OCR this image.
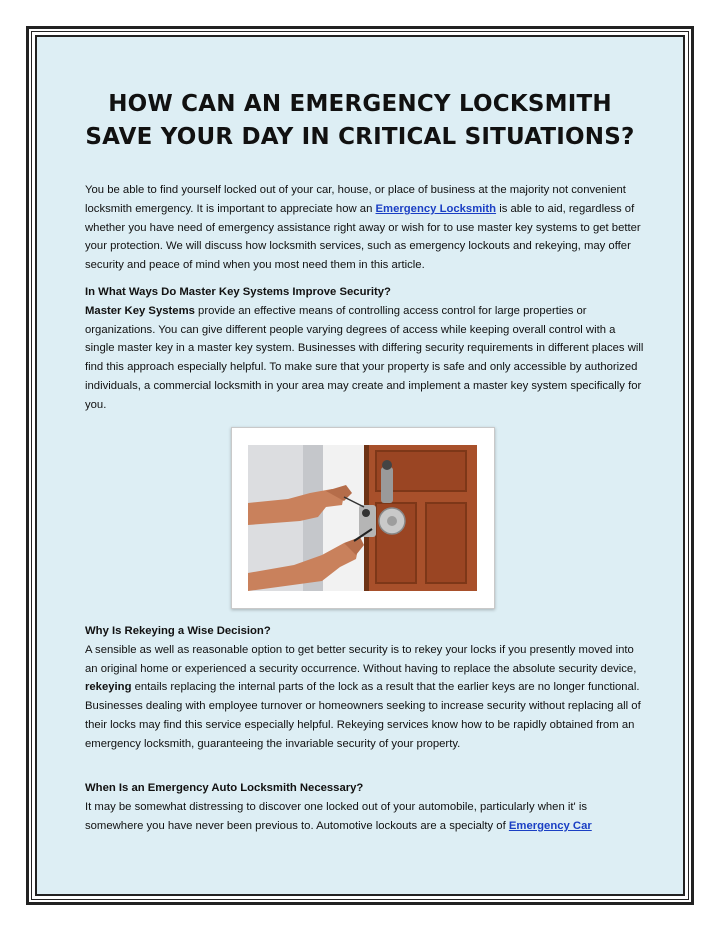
HOW CAN AN EMERGENCY LOCKSMITH
SAVE YOUR DAY IN CRITICAL SITUATIONS?

You be able to find yourself locked out of your car, house, or place of business at the majority not convenient locksmith emergency. It is important to appreciate how an Emergency Locksmith is able to aid, regardless of whether you have need of emergency assistance right away or wish for to use master key systems to get better your protection. We will discuss how locksmith services, such as emergency lockouts and rekeying, may offer security and peace of mind when you most need them in this article.

In What Ways Do Master Key Systems Improve Security?

Master Key Systems provide an effective means of controlling access control for large properties or organizations. You can give different people varying degrees of access while keeping overall control with a single master key in a master key system. Businesses with differing security requirements in different places will find this approach especially helpful. To make sure that your property is safe and only accessible by authorized individuals, a commercial locksmith in your area may create and implement a master key system specifically for you.

Why Is Rekeying a Wise Decision?

A sensible as well as reasonable option to get better security is to rekey your locks if you presently moved into an original home or experienced a security occurrence. Without having to replace the absolute security device, rekeying entails replacing the internal parts of the lock as a result that the earlier keys are no longer functional. Businesses dealing with employee turnover or homeowners seeking to increase security without replacing all of their locks may find this service especially helpful. Rekeying services know how to be rapidly obtained from an emergency locksmith, guaranteeing the invariable security of your property.

When Is an Emergency Auto Locksmith Necessary?

It may be somewhat distressing to discover one locked out of your automobile, particularly when it' is somewhere you have never been previous to. Automotive lockouts are a specialty of Emergency Car
